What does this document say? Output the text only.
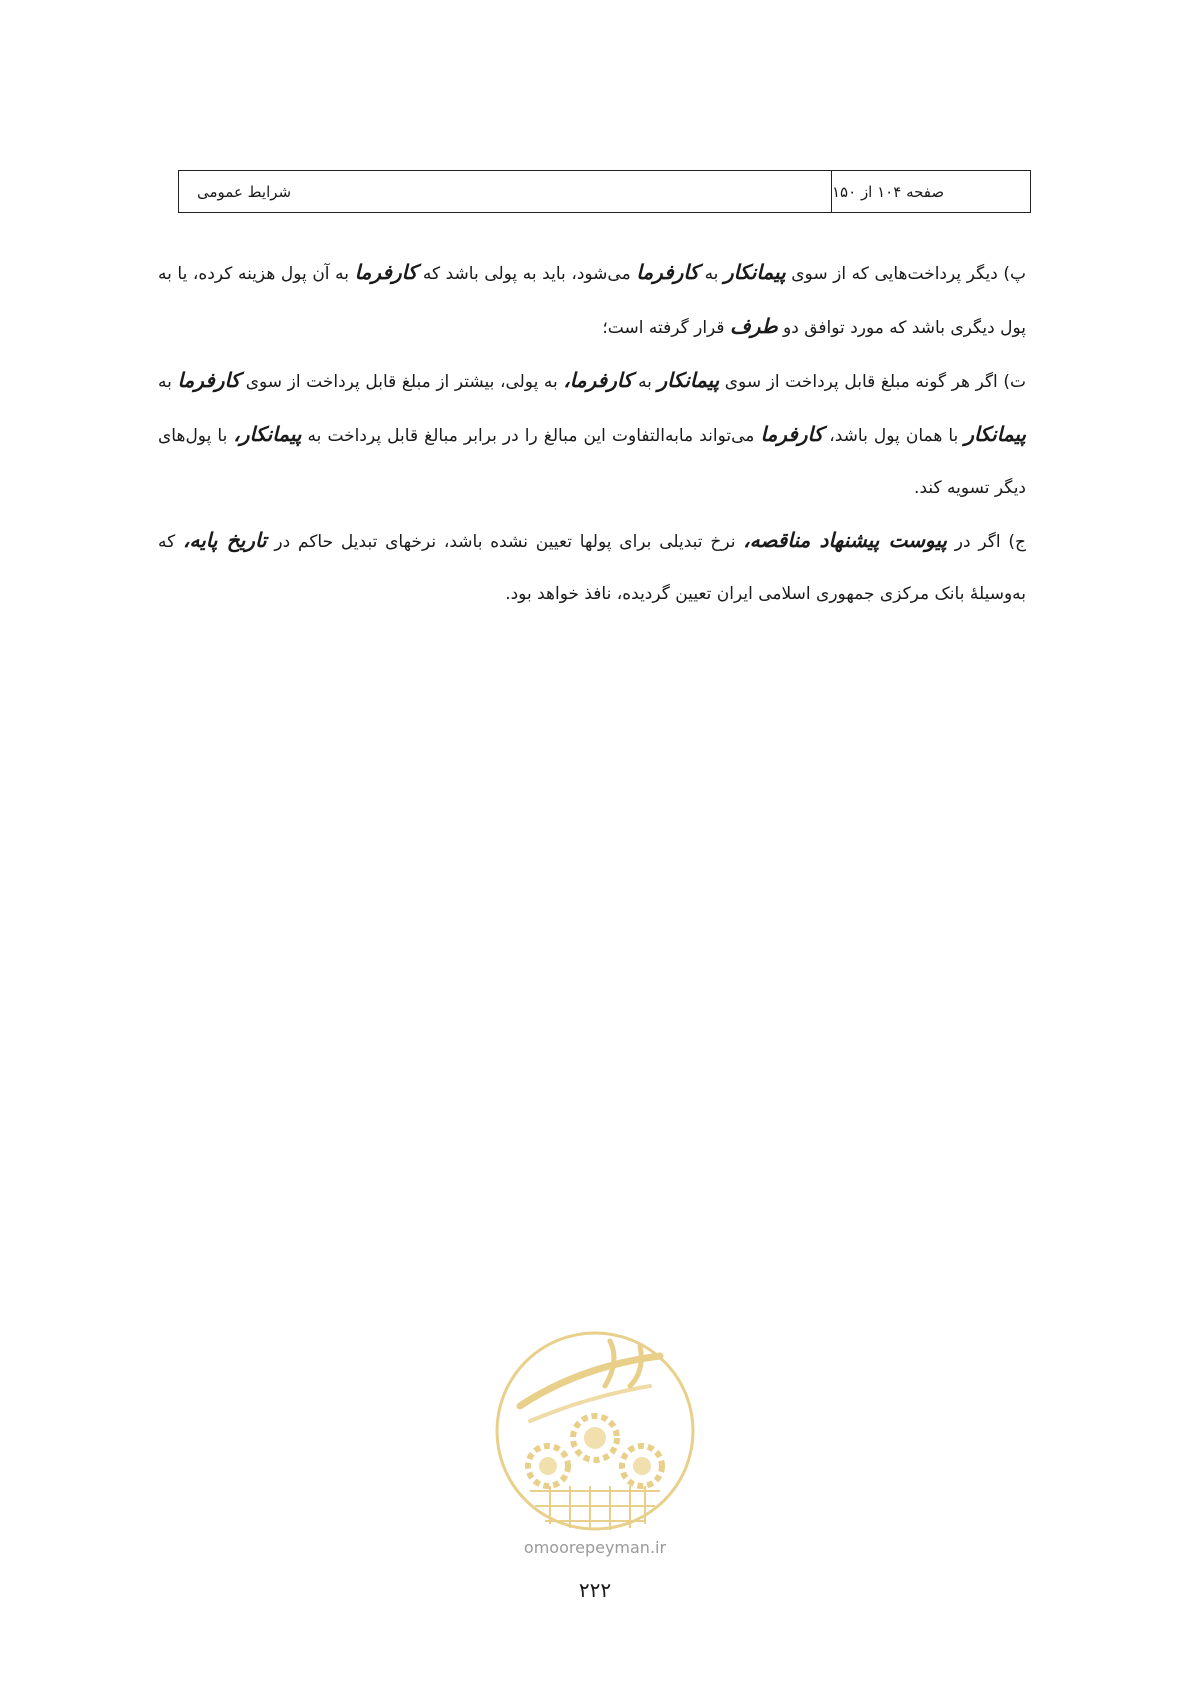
شرایط عمومی	صفحه ۱۰۴ از ۱۵۰

پ) دیگر پرداخت‌هایی که از سوی پیمانکار به کارفرما می‌شود، باید به پولی باشد که کارفرما به آن پول هزینه کرده، یا به پول دیگری باشد که مورد توافق دو طرف قرار گرفته است؛

ت) اگر هر گونه مبلغ قابل پرداخت از سوی پیمانکار به کارفرما، به پولی، بیشتر از مبلغ قابل پرداخت از سوی کارفرما به پیمانکار با همان پول باشد، کارفرما می‌تواند مابه‌التفاوت این مبالغ را در برابر مبالغ قابل پرداخت به پیمانکار، با پول‌های دیگر تسویه کند.

ج) اگر در پیوست پیشنهاد مناقصه، نرخ تبدیلی برای پولها تعیین نشده باشد، نرخهای تبدیل حاکم در تاریخ پایه، که به‌وسیلهٔ بانک مرکزی جمهوری اسلامی ایران تعیین گردیده، نافذ خواهد بود.

omoorepeyman.ir
۲۲۲
